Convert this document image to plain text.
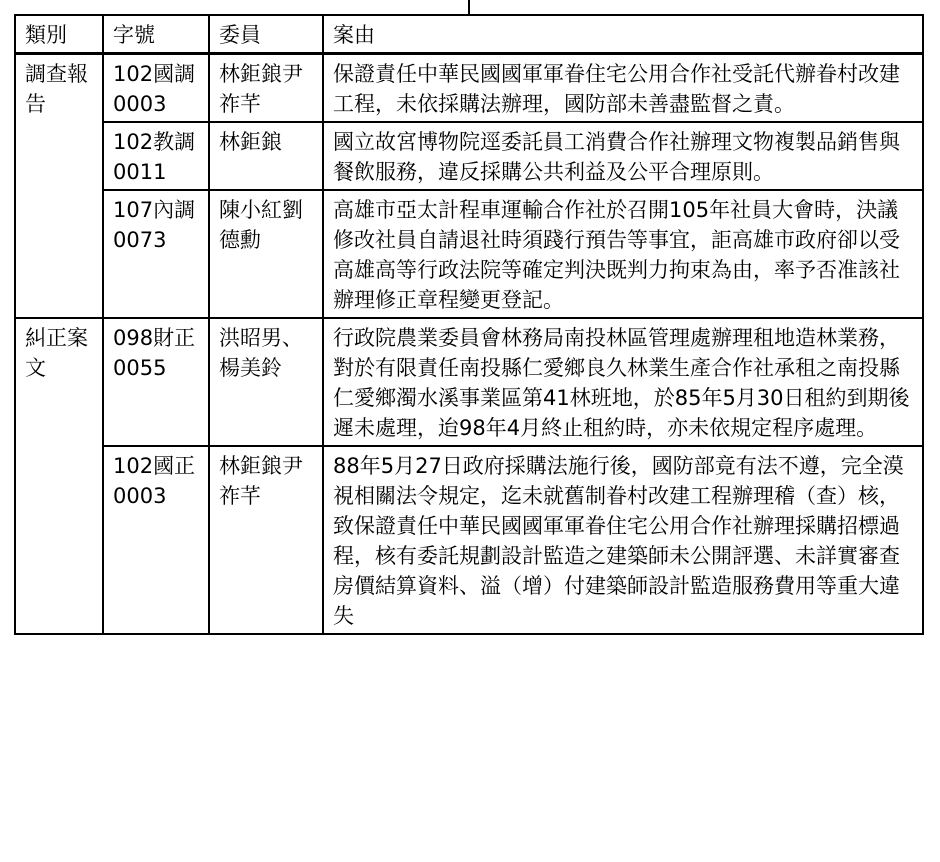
類別	字號	委員	案由
調查報告	102國調0003	林鉅鋃尹祚芊	保證責任中華民國國軍軍眷住宅公用合作社受託代辦眷村改建工程，未依採購法辦理，國防部未善盡監督之責。
	102教調0011	林鉅鋃	國立故宮博物院逕委託員工消費合作社辦理文物複製品銷售與餐飲服務，違反採購公共利益及公平合理原則。
	107內調0073	陳小紅劉德勳	高雄市亞太計程車運輸合作社於召開105年社員大會時，決議修改社員自請退社時須踐行預告等事宜，詎高雄市政府卻以受高雄高等行政法院等確定判決既判力拘束為由，率予否准該社辦理修正章程變更登記。
糾正案文	098財正0055	洪昭男、楊美鈴	行政院農業委員會林務局南投林區管理處辦理租地造林業務，對於有限責任南投縣仁愛鄉良久林業生產合作社承租之南投縣仁愛鄉濁水溪事業區第41林班地，於85年5月30日租約到期後遲未處理，迨98年4月終止租約時，亦未依規定程序處理。
	102國正0003	林鉅鋃尹祚芊	88年5月27日政府採購法施行後，國防部竟有法不遵，完全漠視相關法令規定，迄未就舊制眷村改建工程辦理稽（查）核，致保證責任中華民國國軍軍眷住宅公用合作社辦理採購招標過程，核有委託規劃設計監造之建築師未公開評選、未詳實審查房價結算資料、溢（增）付建築師設計監造服務費用等重大違失
